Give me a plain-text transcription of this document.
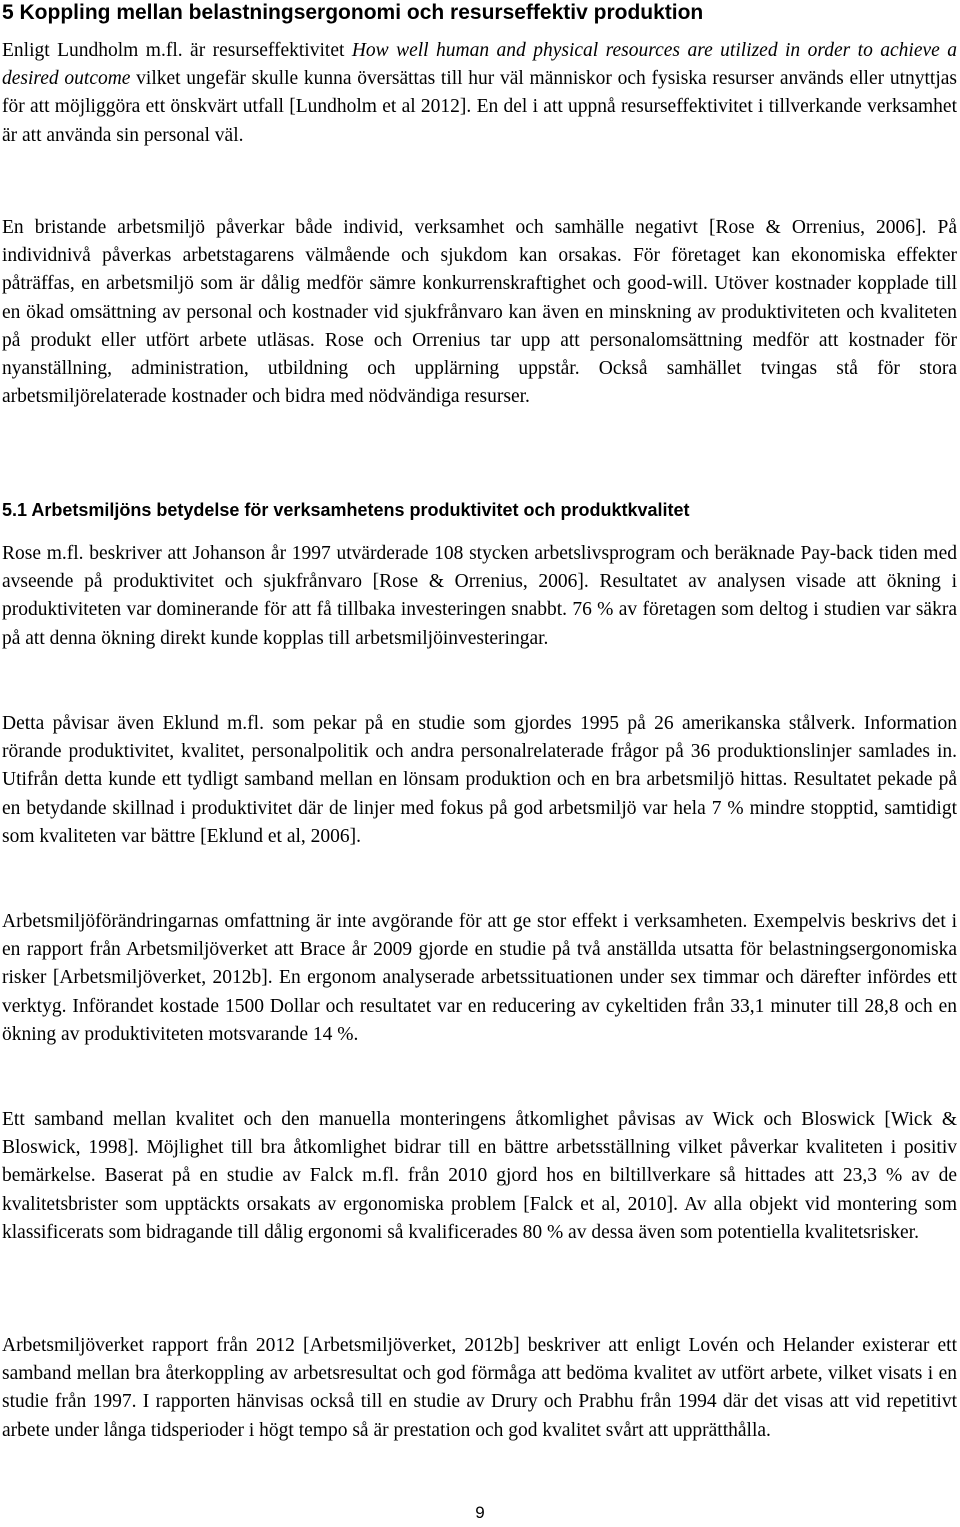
5 Koppling mellan belastningsergonomi och resurseffektiv produktion

Enligt Lundholm m.fl. är resurseffektivitet How well human and physical resources are utilized in order to achieve a desired outcome vilket ungefär skulle kunna översättas till hur väl människor och fysiska resurser används eller utnyttjas för att möjliggöra ett önskvärt utfall [Lundholm et al 2012]. En del i att uppnå resurseffektivitet i tillverkande verksamhet är att använda sin personal väl.

En bristande arbetsmiljö påverkar både individ, verksamhet och samhälle negativt [Rose & Orrenius, 2006]. På individnivå påverkas arbetstagarens välmående och sjukdom kan orsakas. För företaget kan ekonomiska effekter påträffas, en arbetsmiljö som är dålig medför sämre konkurrenskraftighet och good-will. Utöver kostnader kopplade till en ökad omsättning av personal och kostnader vid sjukfrånvaro kan även en minskning av produktiviteten och kvaliteten på produkt eller utfört arbete utläsas. Rose och Orrenius tar upp att personalomsättning medför att kostnader för nyanställning, administration, utbildning och upplärning uppstår. Också samhället tvingas stå för stora arbetsmiljörelaterade kostnader och bidra med nödvändiga resurser.

5.1 Arbetsmiljöns betydelse för verksamhetens produktivitet och produktkvalitet

Rose m.fl. beskriver att Johanson år 1997 utvärderade 108 stycken arbetslivsprogram och beräknade Pay-back tiden med avseende på produktivitet och sjukfrånvaro [Rose & Orrenius, 2006]. Resultatet av analysen visade att ökning i produktiviteten var dominerande för att få tillbaka investeringen snabbt. 76 % av företagen som deltog i studien var säkra på att denna ökning direkt kunde kopplas till arbetsmiljöinvesteringar.

Detta påvisar även Eklund m.fl. som pekar på en studie som gjordes 1995 på 26 amerikanska stålverk. Information rörande produktivitet, kvalitet, personalpolitik och andra personalrelaterade frågor på 36 produktionslinjer samlades in. Utifrån detta kunde ett tydligt samband mellan en lönsam produktion och en bra arbetsmiljö hittas. Resultatet pekade på en betydande skillnad i produktivitet där de linjer med fokus på god arbetsmiljö var hela 7 % mindre stopptid, samtidigt som kvaliteten var bättre [Eklund et al, 2006].

Arbetsmiljöförändringarnas omfattning är inte avgörande för att ge stor effekt i verksamheten. Exempelvis beskrivs det i en rapport från Arbetsmiljöverket att Brace år 2009 gjorde en studie på två anställda utsatta för belastningsergonomiska risker [Arbetsmiljöverket, 2012b]. En ergonom analyserade arbetssituationen under sex timmar och därefter infördes ett verktyg. Införandet kostade 1500 Dollar och resultatet var en reducering av cykeltiden från 33,1 minuter till 28,8 och en ökning av produktiviteten motsvarande 14 %.

Ett samband mellan kvalitet och den manuella monteringens åtkomlighet påvisas av Wick och Bloswick [Wick & Bloswick, 1998]. Möjlighet till bra åtkomlighet bidrar till en bättre arbetsställning vilket påverkar kvaliteten i positiv bemärkelse. Baserat på en studie av Falck m.fl. från 2010 gjord hos en biltillverkare så hittades att 23,3 % av de kvalitetsbrister som upptäckts orsakats av ergonomiska problem [Falck et al, 2010]. Av alla objekt vid montering som klassificerats som bidragande till dålig ergonomi så kvalificerades 80 % av dessa även som potentiella kvalitetsrisker.

Arbetsmiljöverket rapport från 2012 [Arbetsmiljöverket, 2012b] beskriver att enligt Lovén och Helander existerar ett samband mellan bra återkoppling av arbetsresultat och god förmåga att bedöma kvalitet av utfört arbete, vilket visats i en studie från 1997. I rapporten hänvisas också till en studie av Drury och Prabhu från 1994 där det visas att vid repetitivt arbete under långa tidsperioder i högt tempo så är prestation och god kvalitet svårt att upprätthålla.

9
